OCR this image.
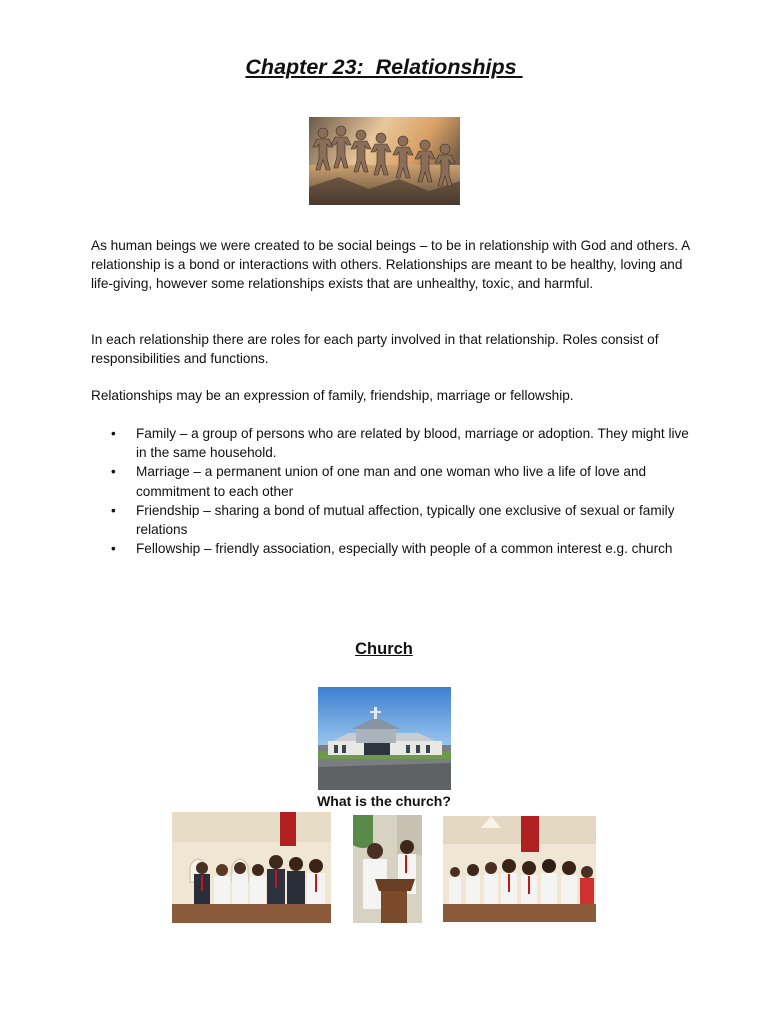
Chapter 23:  Relationships
As human beings we were created to be social beings – to be in relationship with God and others. A relationship is a bond or interactions with others. Relationships are meant to be healthy, loving and life-giving, however some relationships exists that are unhealthy, toxic, and harmful.
In each relationship there are roles for each party involved in that relationship. Roles consist of responsibilities and functions.
Relationships may be an expression of family, friendship, marriage or fellowship.
• Family – a group of persons who are related by blood, marriage or adoption. They might live in the same household.
• Marriage – a permanent union of one man and one woman who live a life of love and commitment to each other
• Friendship – sharing a bond of mutual affection, typically one exclusive of sexual or family relations
• Fellowship – friendly association, especially with people of a common interest e.g. church
Church
What is the church?
